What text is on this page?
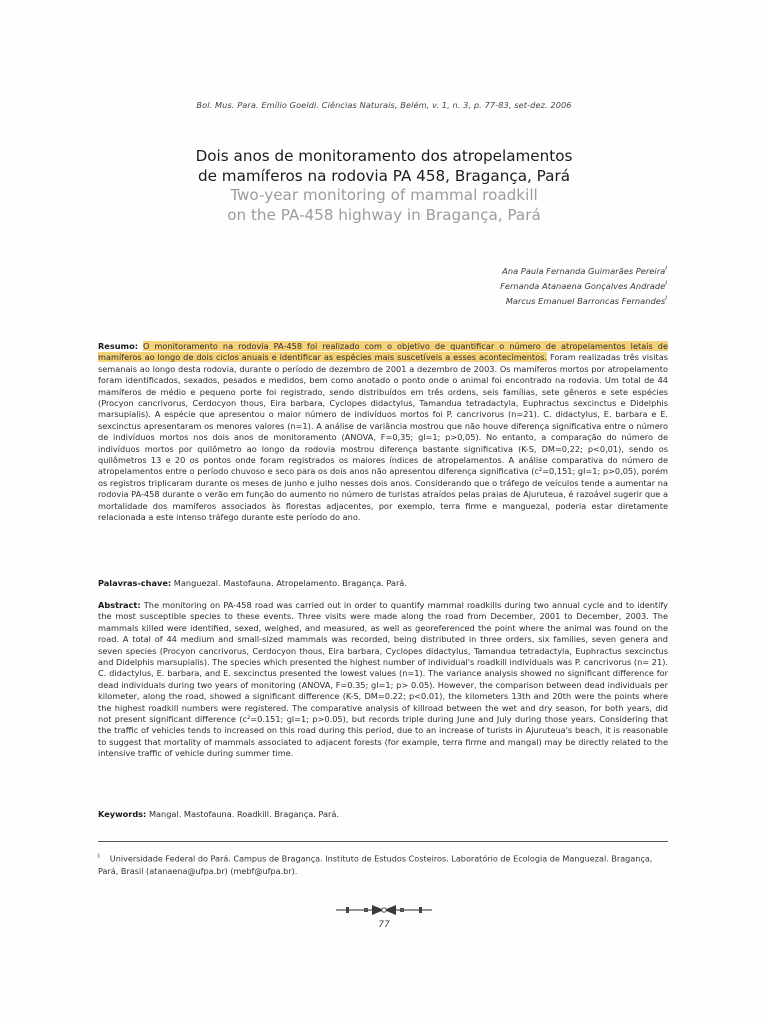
Bol. Mus. Para. Emílio Goeldi. Ciências Naturais, Belém, v. 1, n. 3, p. 77-83, set-dez. 2006
Dois anos de monitoramento dos atropelamentos
de mamíferos na rodovia PA 458, Bragança, Pará
Two-year monitoring of mammal roadkill
on the PA-458 highway in Bragança, Pará
Ana Paula Fernanda Guimarães Pereira$^I$
Fernanda Atanaena Gonçalves Andrade$^I$
Marcus Emanuel Barroncas Fernandes$^I$
Resumo: O monitoramento na rodovia PA-458 foi realizado com o objetivo de quantificar o número de atropelamentos letais de mamíferos ao longo de dois ciclos anuais e identificar as espécies mais suscetíveis a esses acontecimentos. Foram realizadas três visitas semanais ao longo desta rodovia, durante o período de dezembro de 2001 a dezembro de 2003. Os mamíferos mortos por atropelamento foram identificados, sexados, pesados e medidos, bem como anotado o ponto onde o animal foi encontrado na rodovia. Um total de 44 mamíferos de médio e pequeno porte foi registrado, sendo distribuídos em três ordens, seis famílias, sete gêneros e sete espécies (Procyon cancrivorus, Cerdocyon thous, Eira barbara, Cyclopes didactylus, Tamandua tetradactyla, Euphractus sexcinctus e Didelphis marsupialis). A espécie que apresentou o maior número de indivíduos mortos foi P. cancrivorus (n=21). C. didactylus, E. barbara e E. sexcinctus apresentaram os menores valores (n=1). A análise de variância mostrou que não houve diferença significativa entre o número de indivíduos mortos nos dois anos de monitoramento (ANOVA, F=0,35; gl=1; p>0,05). No entanto, a comparação do número de indivíduos mortos por quilômetro ao longo da rodovia mostrou diferença bastante significativa (K-S, DM=0,22; p<0,01), sendo os quilômetros 13 e 20 os pontos onde foram registrados os maiores índices de atropelamentos. A análise comparativa do número de atropelamentos entre o período chuvoso e seco para os dois anos não apresentou diferença significativa (c²=0,151; gl=1; p>0,05), porém os registros triplicaram durante os meses de junho e julho nesses dois anos. Considerando que o tráfego de veículos tende a aumentar na rodovia PA-458 durante o verão em função do aumento no número de turistas atraídos pelas praias de Ajuruteua, é razoável sugerir que a mortalidade dos mamíferos associados às florestas adjacentes, por exemplo, terra firme e manguezal, poderia estar diretamente relacionada a este intenso tráfego durante este período do ano.
Palavras-chave: Manguezal. Mastofauna. Atropelamento. Bragança. Pará.
Abstract: The monitoring on PA-458 road was carried out in order to quantify mammal roadkills during two annual cycle and to identify the most susceptible species to these events. Three visits were made along the road from December, 2001 to December, 2003. The mammals killed were identified, sexed, weighed, and measured, as well as georeferenced the point where the animal was found on the road. A total of 44 medium and small-sized mammals was recorded, being distributed in three orders, six families, seven genera and seven species (Procyon cancrivorus, Cerdocyon thous, Eira barbara, Cyclopes didactylus, Tamandua tetradactyla, Euphractus sexcinctus and Didelphis marsupialis). The species which presented the highest number of individual's roadkill individuals was P. cancrivorus (n= 21). C. didactylus, E. barbara, and E. sexcinctus presented the lowest values (n=1). The variance analysis showed no significant difference for dead individuals during two years of monitoring (ANOVA, F=0.35; gl=1; p> 0.05). However, the comparison between dead individuals per kilometer, along the road, showed a significant difference (K-S, DM=0.22; p<0.01), the kilometers 13th and 20th were the points where the highest roadkill numbers were registered. The comparative analysis of killroad between the wet and dry season, for both years, did not present significant difference (c²=0.151; gl=1; p>0.05), but records triple during June and July during those years. Considering that the traffic of vehicles tends to increased on this road during this period, due to an increase of turists in Ajuruteua's beach, it is reasonable to suggest that mortality of mammals associated to adjacent forests (for example, terra firme and mangal) may be directly related to the intensive traffic of vehicle during summer time.
Keywords: Mangal. Mastofauna. Roadkill. Bragança. Pará.
$^I$ Universidade Federal do Pará. Campus de Bragança. Instituto de Estudos Costeiros. Laboratório de Ecologia de Manguezal. Bragança, Pará, Brasil (atanaena@ufpa.br) (mebf@ufpa.br).
77
